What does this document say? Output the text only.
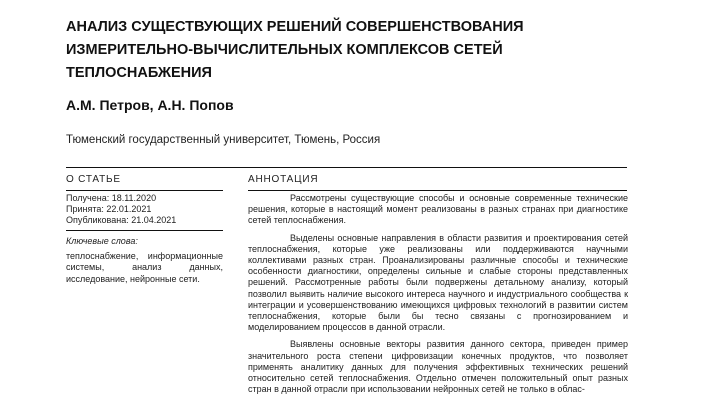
АНАЛИЗ СУЩЕСТВУЮЩИХ РЕШЕНИЙ СОВЕРШЕНСТВОВАНИЯ
ИЗМЕРИТЕЛЬНО-ВЫЧИСЛИТЕЛЬНЫХ КОМПЛЕКСОВ СЕТЕЙ
ТЕПЛОСНАБЖЕНИЯ
А.М. Петров, А.Н. Попов
Тюменский государственный университет, Тюмень, Россия
О СТАТЬЕ
Получена: 18.11.2020
Принята: 22.01.2021
Опубликована: 21.04.2021
Ключевые слова:
теплоснабжение, информационные системы, анализ данных, исследование, нейронные сети.
АННОТАЦИЯ

Рассмотрены существующие способы и основные современные технические решения, которые в настоящий момент реализованы в разных странах при диагностике сетей теплоснабжения.

Выделены основные направления в области развития и проектирования сетей теплоснабжения, которые уже реализованы или поддерживаются научными коллективами разных стран. Проанализированы различные способы и технические особенности диагностики, определены сильные и слабые стороны представленных решений. Рассмотренные работы были подвержены детальному анализу, который позволил выявить наличие высокого интереса научного и индустриального сообщества к интеграции и усовершенствованию имеющихся цифровых технологий в развитии систем теплоснабжения, которые были бы тесно связаны с прогнозированием и моделированием процессов в данной отрасли.

Выявлены основные векторы развития данного сектора, приведен пример значительного роста степени цифровизации конечных продуктов, что позволяет применять аналитику данных для получения эффективных технических решений относительно сетей теплоснабжения. Отдельно отмечен положительный опыт разных стран в данной отрасли при использовании нейронных сетей не только в облас-
